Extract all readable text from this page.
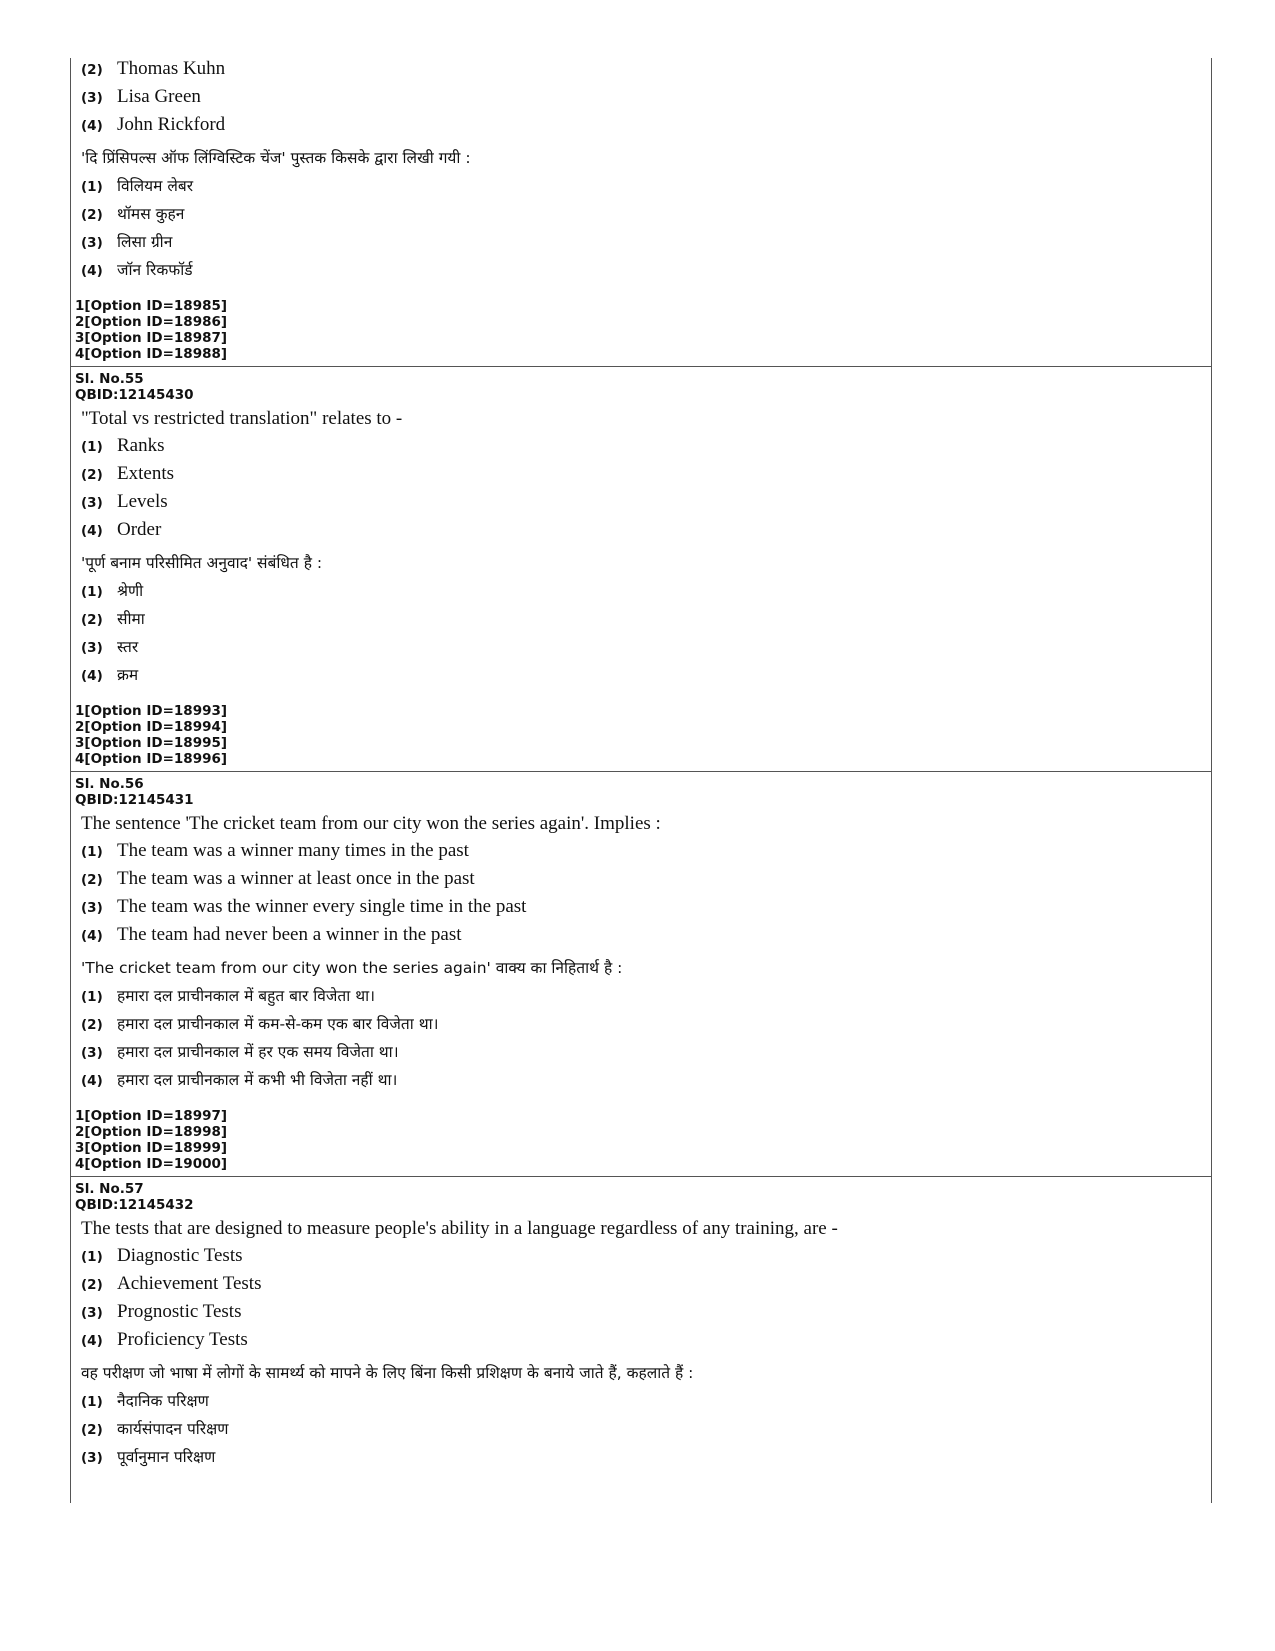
(2) Thomas Kuhn
(3) Lisa Green
(4) John Rickford
'दि प्रिंसिपल्स ऑफ लिंग्विस्टिक चेंज' पुस्तक किसके द्वारा लिखी गयी :
(1) विलियम लेबर
(2) थॉमस कुहन
(3) लिसा ग्रीन
(4) जॉन रिकफॉर्ड

1[Option ID=18985]

2[Option ID=18986]

3[Option ID=18987]

4[Option ID=18988]

Sl. No.55

QBID:12145430

"Total vs restricted translation" relates to -
(1) Ranks
(2) Extents
(3) Levels
(4) Order
'पूर्ण बनाम परिसीमित अनुवाद' संबंधित है :
(1) श्रेणी
(2) सीमा
(3) स्तर
(4) क्रम

1[Option ID=18993]

2[Option ID=18994]

3[Option ID=18995]

4[Option ID=18996]

Sl. No.56

QBID:12145431

The sentence 'The cricket team from our city won the series again'. Implies :
(1) The team was a winner many times in the past
(2) The team was a winner at least once in the past
(3) The team was the winner every single time in the past
(4) The team had never been a winner in the past
'The cricket team from our city won the series again' वाक्य का निहितार्थ है :
(1) हमारा दल प्राचीनकाल में बहुत बार विजेता था।
(2) हमारा दल प्राचीनकाल में कम-से-कम एक बार विजेता था।
(3) हमारा दल प्राचीनकाल में हर एक समय विजेता था।
(4) हमारा दल प्राचीनकाल में कभी भी विजेता नहीं था।

1[Option ID=18997]

2[Option ID=18998]

3[Option ID=18999]

4[Option ID=19000]

Sl. No.57

QBID:12145432

The tests that are designed to measure people's ability in a language regardless of any training, are -
(1) Diagnostic Tests
(2) Achievement Tests
(3) Prognostic Tests
(4) Proficiency Tests
वह परीक्षण जो भाषा में लोगों के सामर्थ्य को मापने के लिए बिंना किसी प्रशिक्षण के बनाये जाते हैं, कहलाते हैं :
(1) नैदानिक परिक्षण
(2) कार्यसंपादन परिक्षण
(3) पूर्वानुमान परिक्षण
